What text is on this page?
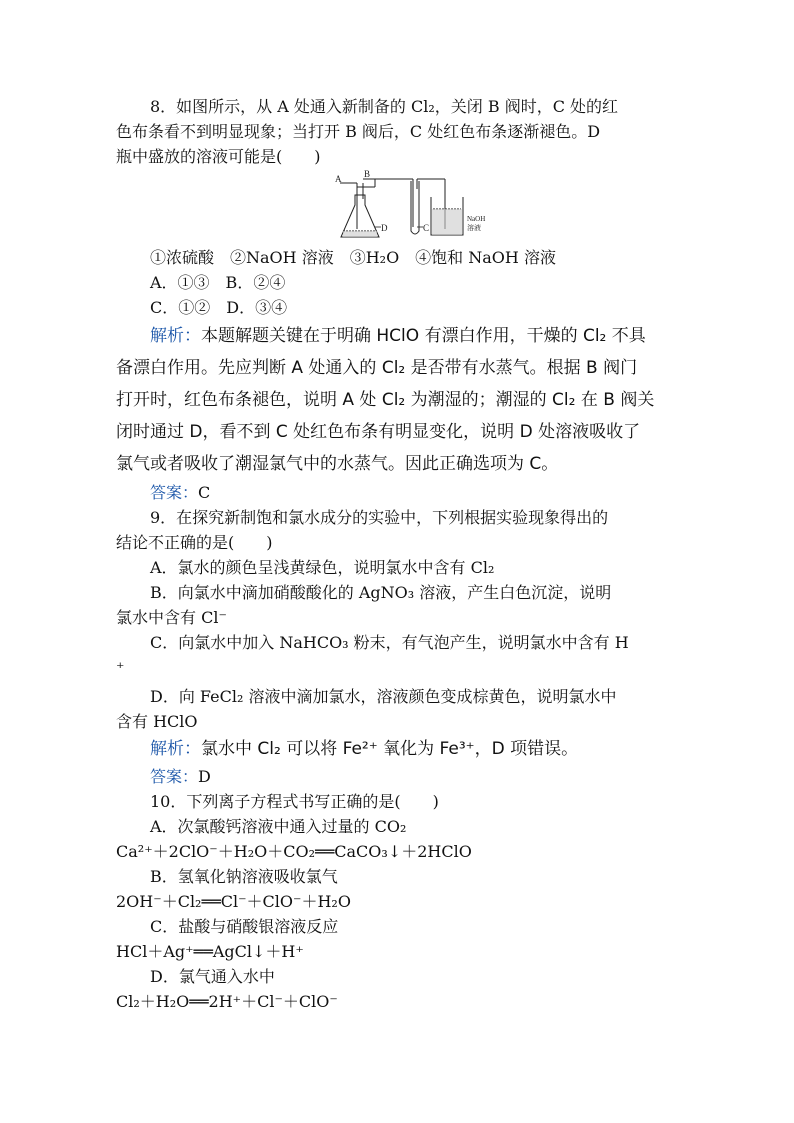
8．如图所示，从 A 处通入新制备的 Cl₂，关闭 B 阀时，C 处的红
色布条看不到明显现象；当打开 B 阀后，C 处红色布条逐渐褪色。D
瓶中盛放的溶液可能是(　　)
A	B
C
D
NaOH
溶液
①浓硫酸　②NaOH 溶液　③H₂O　④饱和 NaOH 溶液
A．①③　B．②④
C．①②　D．③④
解析：本题解题关键在于明确 HClO 有漂白作用，干燥的 Cl₂ 不具
备漂白作用。先应判断 A 处通入的 Cl₂ 是否带有水蒸气。根据 B 阀门
打开时，红色布条褪色，说明 A 处 Cl₂ 为潮湿的；潮湿的 Cl₂ 在 B 阀关
闭时通过 D，看不到 C 处红色布条有明显变化，说明 D 处溶液吸收了
氯气或者吸收了潮湿氯气中的水蒸气。因此正确选项为 C。
答案：C
9．在探究新制饱和氯水成分的实验中，下列根据实验现象得出的
结论不正确的是(　　)
A．氯水的颜色呈浅黄绿色，说明氯水中含有 Cl₂
B．向氯水中滴加硝酸酸化的 AgNO₃ 溶液，产生白色沉淀，说明
氯水中含有 Cl⁻
C．向氯水中加入 NaHCO₃ 粉末，有气泡产生，说明氯水中含有 H
⁺
D．向 FeCl₂ 溶液中滴加氯水，溶液颜色变成棕黄色，说明氯水中
含有 HClO
解析：氯水中 Cl₂ 可以将 Fe²⁺ 氧化为 Fe³⁺，D 项错误。
答案：D
10．下列离子方程式书写正确的是(　　)
A．次氯酸钙溶液中通入过量的 CO₂
Ca²⁺＋2ClO⁻＋H₂O＋CO₂══CaCO₃↓＋2HClO
B．氢氧化钠溶液吸收氯气
2OH⁻＋Cl₂══Cl⁻＋ClO⁻＋H₂O
C．盐酸与硝酸银溶液反应
HCl＋Ag⁺══AgCl↓＋H⁺
D．氯气通入水中
Cl₂＋H₂O══2H⁺＋Cl⁻＋ClO⁻
